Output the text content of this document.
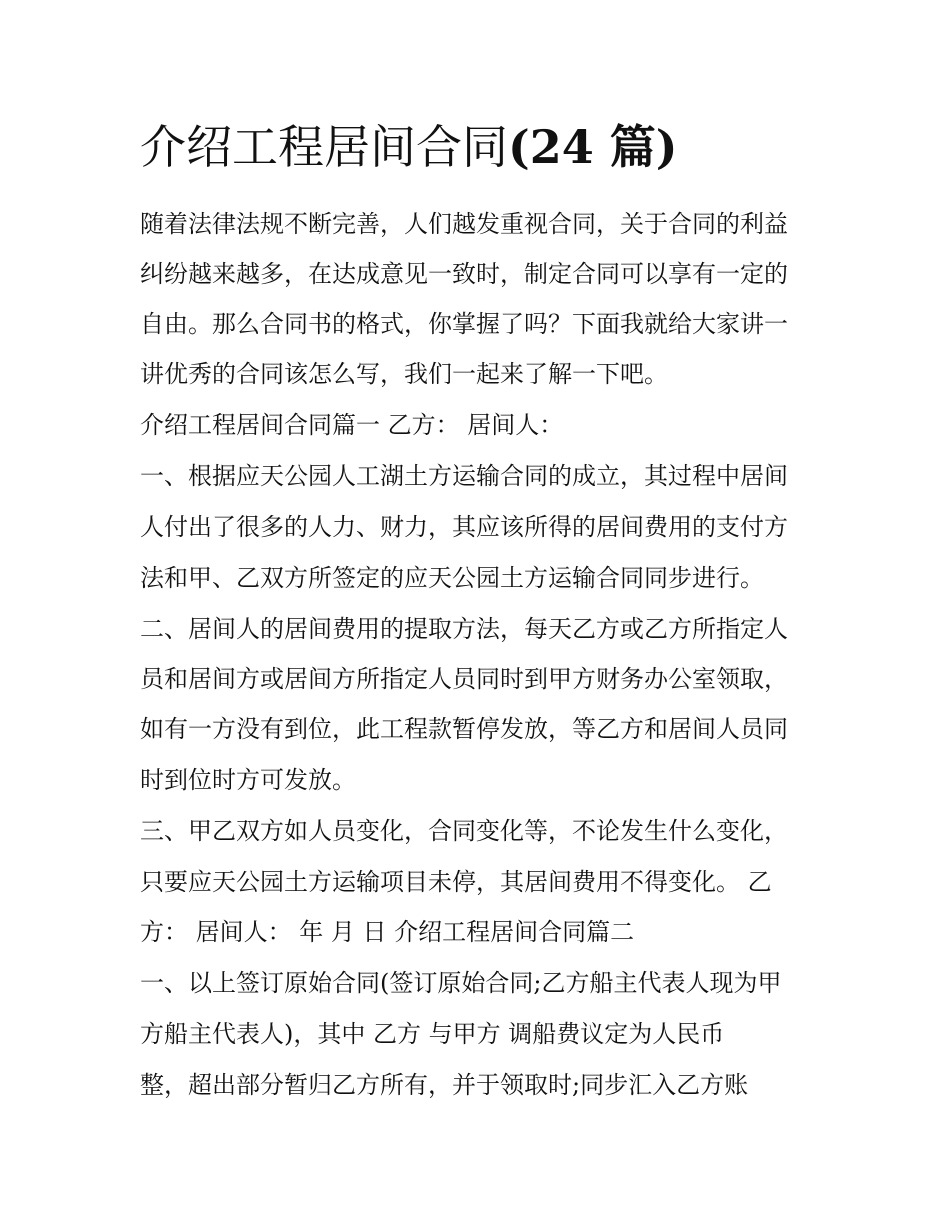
介绍工程居间合同(24 篇)

随着法律法规不断完善，人们越发重视合同，关于合同的利益

纠纷越来越多，在达成意见一致时，制定合同可以享有一定的

自由。那么合同书的格式，你掌握了吗？下面我就给大家讲一

讲优秀的合同该怎么写，我们一起来了解一下吧。

介绍工程居间合同篇一 乙方： 居间人：

一、根据应天公园人工湖土方运输合同的成立，其过程中居间

人付出了很多的人力、财力，其应该所得的居间费用的支付方

法和甲、乙双方所签定的应天公园土方运输合同同步进行。

二、居间人的居间费用的提取方法，每天乙方或乙方所指定人

员和居间方或居间方所指定人员同时到甲方财务办公室领取，

如有一方没有到位，此工程款暂停发放，等乙方和居间人员同

时到位时方可发放。

三、甲乙双方如人员变化，合同变化等，不论发生什么变化，

只要应天公园土方运输项目未停，其居间费用不得变化。 乙

方： 居间人： 年 月 日 介绍工程居间合同篇二

一、以上签订原始合同(签订原始合同;乙方船主代表人现为甲

方船主代表人)，其中 乙方 与甲方 调船费议定为人民币

整，超出部分暂归乙方所有，并于领取时;同步汇入乙方账
